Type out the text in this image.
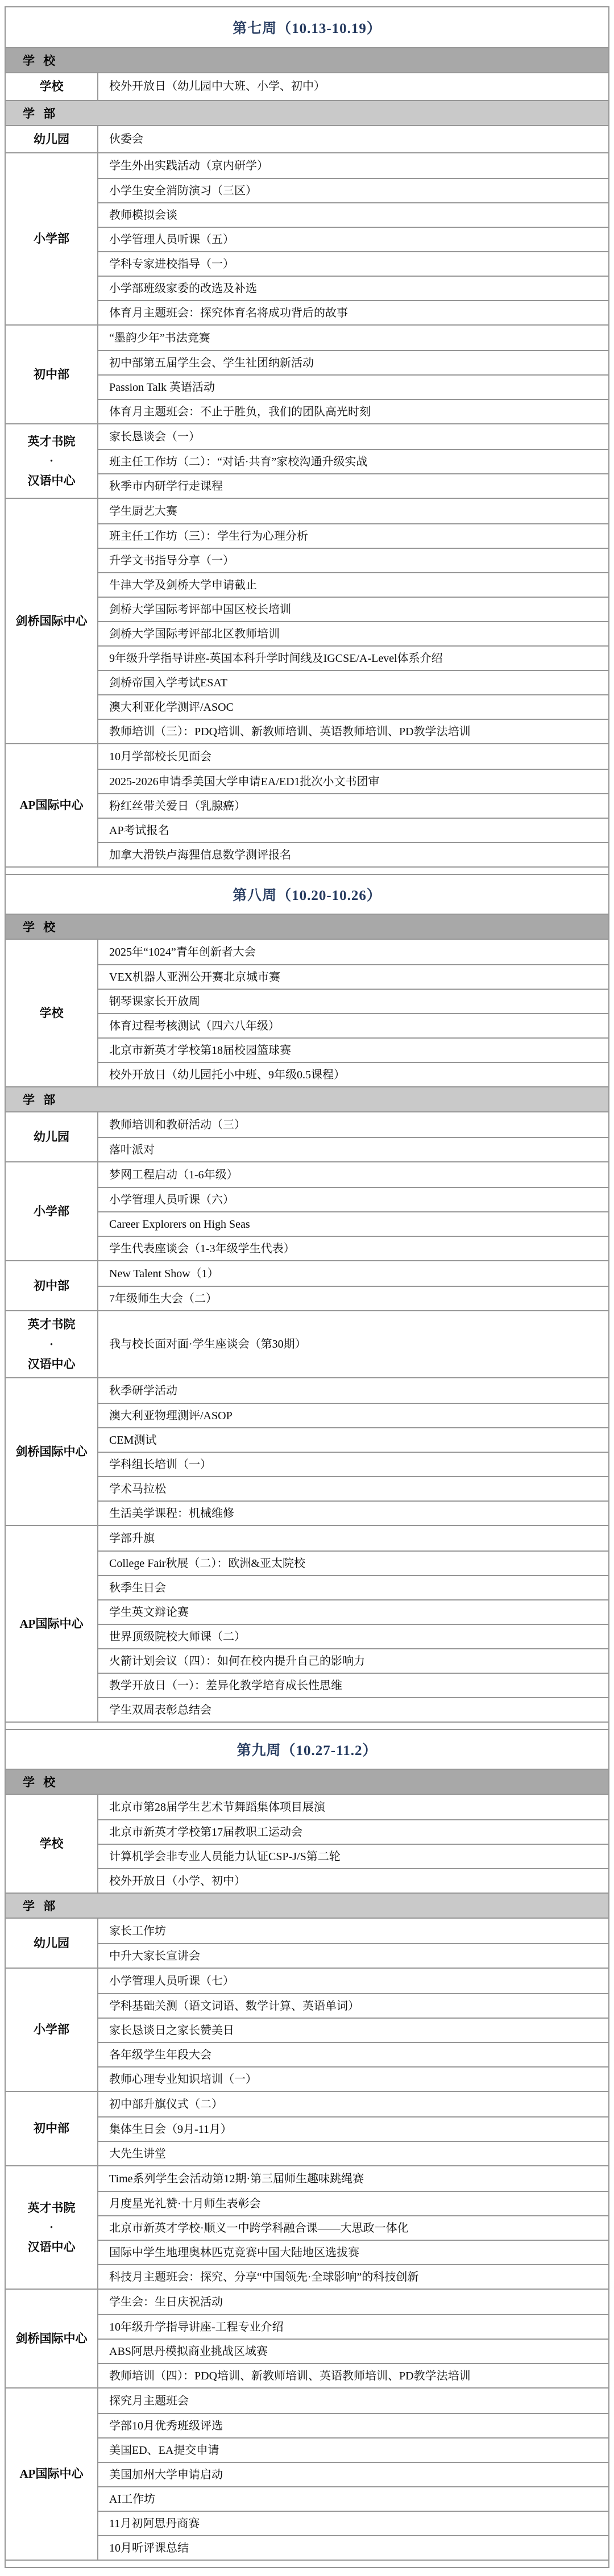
第七周（10.13-10.19）
学 校
学校	校外开放日（幼儿园中大班、小学、初中）
学 部
幼儿园	伙委会
小学部
学生外出实践活动（京内研学）
小学生安全消防演习（三区）
教师模拟会谈
小学管理人员听课（五）
学科专家进校指导（一）
小学部班级家委的改选及补选
体育月主题班会：探究体育名将成功背后的故事
初中部
“墨韵少年”书法竞赛
初中部第五届学生会、学生社团纳新活动
Passion Talk 英语活动
体育月主题班会：不止于胜负，我们的团队高光时刻
英才书院
·
汉语中心
家长恳谈会（一）
班主任工作坊（二）：“对话·共育”家校沟通升级实战
秋季市内研学行走课程
剑桥国际中心
学生厨艺大赛
班主任工作坊（三）：学生行为心理分析
升学文书指导分享（一）
牛津大学及剑桥大学申请截止
剑桥大学国际考评部中国区校长培训
剑桥大学国际考评部北区教师培训
9年级升学指导讲座-英国本科升学时间线及IGCSE/A-Level体系介绍
剑桥帝国入学考试ESAT
澳大利亚化学测评/ASOC
教师培训（三）：PDQ培训、新教师培训、英语教师培训、PD教学法培训
AP国际中心
10月学部校长见面会
2025-2026申请季美国大学申请EA/ED1批次小文书团审
粉红丝带关爱日（乳腺癌）
AP考试报名
加拿大滑铁卢海狸信息数学测评报名
第八周（10.20-10.26）
学 校
学校
2025年“1024”青年创新者大会
VEX机器人亚洲公开赛北京城市赛
钢琴课家长开放周
体育过程考核测试（四六八年级）
北京市新英才学校第18届校园篮球赛
校外开放日（幼儿园托小中班、9年级0.5课程）
学 部
幼儿园
教师培训和教研活动（三）
落叶派对
小学部
梦网工程启动（1-6年级）
小学管理人员听课（六）
Career Explorers on High Seas
学生代表座谈会（1-3年级学生代表）
初中部
New Talent Show（1）
7年级师生大会（二）
英才书院
·
汉语中心
我与校长面对面·学生座谈会（第30期）
剑桥国际中心
秋季研学活动
澳大利亚物理测评/ASOP
CEM测试
学科组长培训（一）
学术马拉松
生活美学课程：机械维修
AP国际中心
学部升旗
College Fair秋展（二）：欧洲&亚太院校
秋季生日会
学生英文辩论赛
世界顶级院校大师课（二）
火箭计划会议（四）：如何在校内提升自己的影响力
教学开放日（一）：差异化教学培育成长性思维
学生双周表彰总结会
第九周（10.27-11.2）
学 校
学校
北京市第28届学生艺术节舞蹈集体项目展演
北京市新英才学校第17届教职工运动会
计算机学会非专业人员能力认证CSP-J/S第二轮
校外开放日（小学、初中）
学 部
幼儿园
家长工作坊
中升大家长宣讲会
小学部
小学管理人员听课（七）
学科基础关测（语文词语、数学计算、英语单词）
家长恳谈日之家长赞美日
各年级学生年段大会
教师心理专业知识培训（一）
初中部
初中部升旗仪式（二）
集体生日会（9月-11月）
大先生讲堂
英才书院
·
汉语中心
Time系列学生会活动第12期·第三届师生趣味跳绳赛
月度星光礼赞·十月师生表彰会
北京市新英才学校·顺义一中跨学科融合课——大思政一体化
国际中学生地理奥林匹克竞赛中国大陆地区选拔赛
科技月主题班会：探究、分享“中国领先·全球影响”的科技创新
剑桥国际中心
学生会：生日庆祝活动
10年级升学指导讲座-工程专业介绍
ABS阿思丹模拟商业挑战区域赛
教师培训（四）：PDQ培训、新教师培训、英语教师培训、PD教学法培训
AP国际中心
探究月主题班会
学部10月优秀班级评选
美国ED、EA提交申请
美国加州大学申请启动
AI工作坊
11月初阿思丹商赛
10月听评课总结
